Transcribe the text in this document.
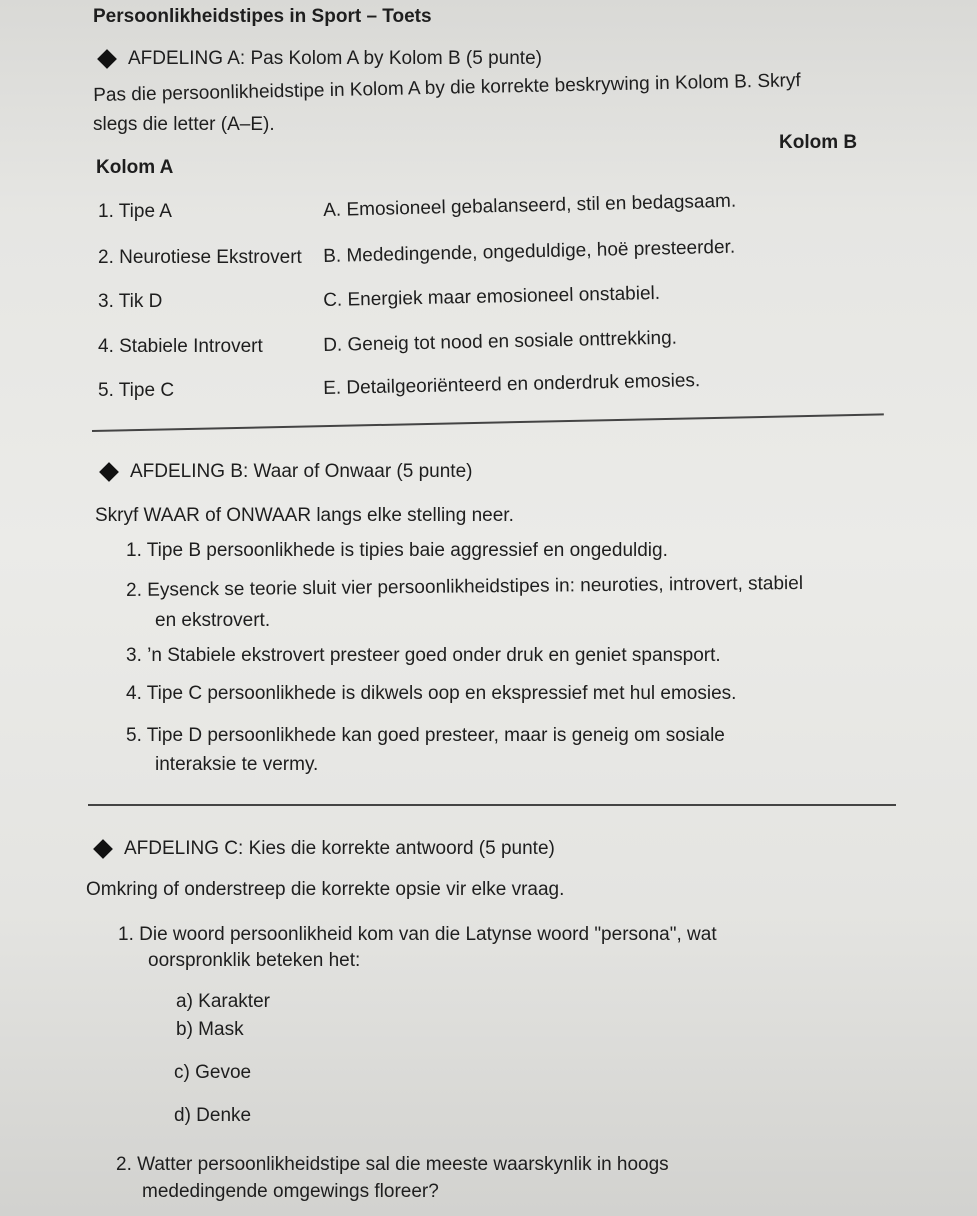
Persoonlikheidstipes in Sport – Toets
AFDELING A: Pas Kolom A by Kolom B (5 punte)
Pas die persoonlikheidstipe in Kolom A by die korrekte beskrywing in Kolom B. Skryf
slegs die letter (A–E).
Kolom A
Kolom B
1. Tipe A
2. Neurotiese Ekstrovert
3. Tik D
4. Stabiele Introvert
5. Tipe C
A. Emosioneel gebalanseerd, stil en bedagsaam.
B. Mededingende, ongeduldige, hoë presteerder.
C. Energiek maar emosioneel onstabiel.
D. Geneig tot nood en sosiale onttrekking.
E. Detailgeoriënteerd en onderdruk emosies.
AFDELING B: Waar of Onwaar (5 punte)
Skryf WAAR of ONWAAR langs elke stelling neer.
1. Tipe B persoonlikhede is tipies baie aggressief en ongeduldig.
2. Eysenck se teorie sluit vier persoonlikheidstipes in: neuroties, introvert, stabiel
en ekstrovert.
3. ’n Stabiele ekstrovert presteer goed onder druk en geniet spansport.
4. Tipe C persoonlikhede is dikwels oop en ekspressief met hul emosies.
5. Tipe D persoonlikhede kan goed presteer, maar is geneig om sosiale
interaksie te vermy.
AFDELING C: Kies die korrekte antwoord (5 punte)
Omkring of onderstreep die korrekte opsie vir elke vraag.
1. Die woord persoonlikheid kom van die Latynse woord "persona", wat
oorspronklik beteken het:
a) Karakter
b) Mask
c) Gevoe
d) Denke
2. Watter persoonlikheidstipe sal die meeste waarskynlik in hoogs
mededingende omgewings floreer?
